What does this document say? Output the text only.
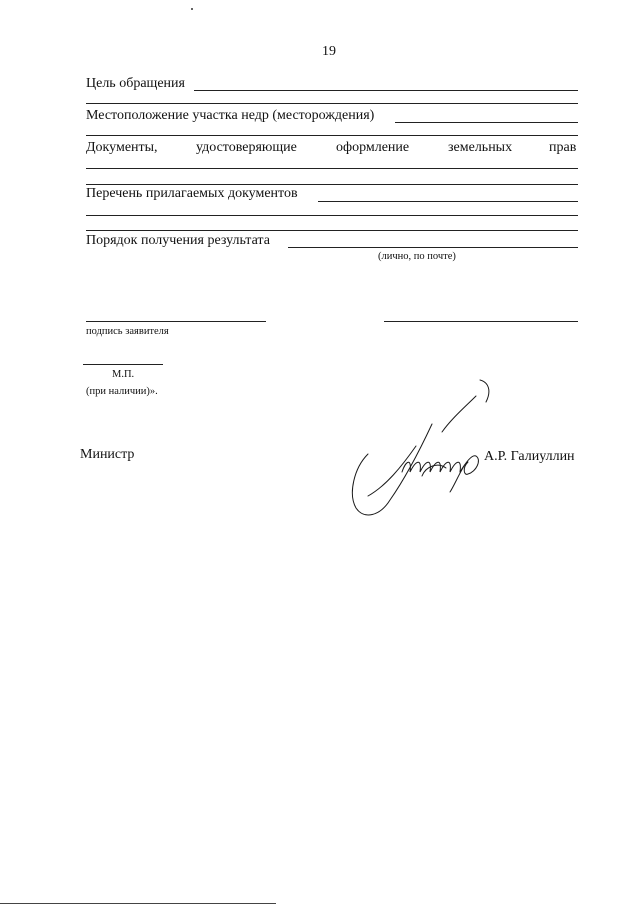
19
Цель обращения
Местоположение участка недр (месторождения)
Документы,	удостоверяющие	оформление	земельных	прав
Перечень прилагаемых документов
Порядок получения результата
(лично, по почте)
подпись заявителя
М.П.
(при наличии)».
Министр	А.Р. Галиуллин
